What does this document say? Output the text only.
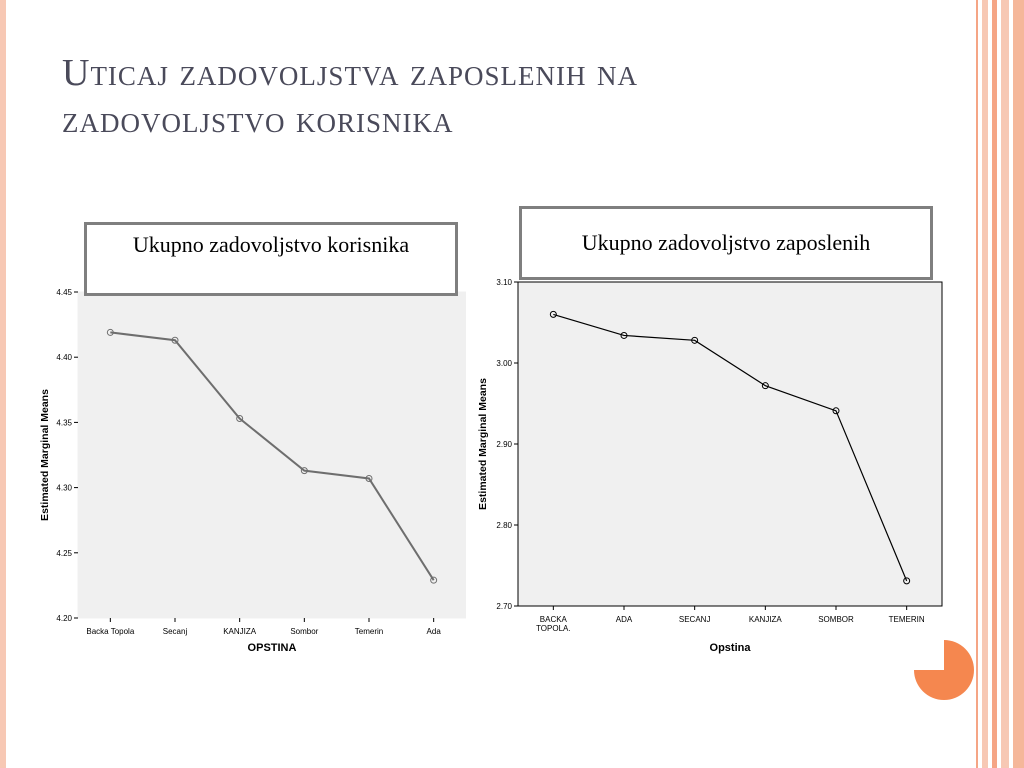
Uticaj zadovoljstva zaposlenih na
zadovoljstvo korisnika
4.20
4.25
4.30
4.35
4.40
4.45
Backa Topola	Secanj	KANJIZA	Sombor	Temerin	Ada
OPSTINA
Estimated Marginal Means
2.70
2.80
2.90
3.00
3.10
BACKA TOPOLA.
ADA	SECANJ	KANJIZA	SOMBOR	TEMERIN
Opstina
Estimated Marginal Means
Ukupno zadovoljstvo korisnika	Ukupno zadovoljstvo zaposlenih
